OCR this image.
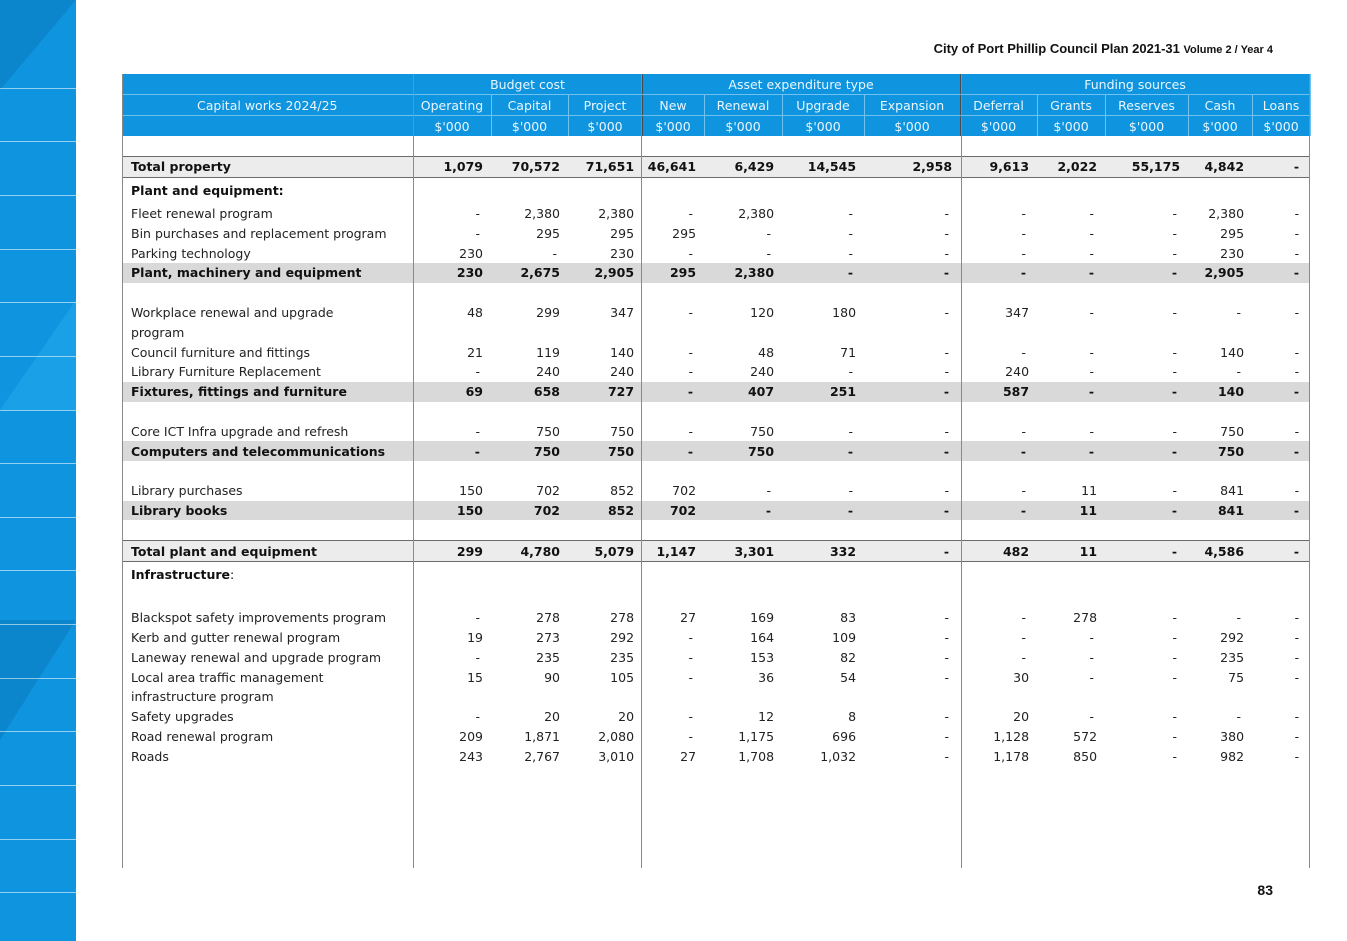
City of Port Phillip Council Plan 2021-31 Volume 2 / Year 4
	Budget cost			Asset expenditure type				Funding sources				
Capital works 2024/25	Operating	Capital	Project	New	Renewal	Upgrade	Expansion	Deferral	Grants	Reserves	Cash	Loans
	$'000	$'000	$'000	$'000	$'000	$'000	$'000	$'000	$'000	$'000	$'000	$'000

Total property	1,079	70,572	71,651	46,641	6,429	14,545	2,958	9,613	2,022	55,175	4,842	-
Plant and equipment:												
Fleet renewal program	-	2,380	2,380	-	2,380	-	-	-	-	-	2,380	-
Bin purchases and replacement program	-	295	295	295	-	-	-	-	-	-	295	-
Parking technology	230	-	230	-	-	-	-	-	-	-	230	-
Plant, machinery and equipment	230	2,675	2,905	295	2,380	-	-	-	-	-	2,905	-

Workplace renewal and upgrade	48	299	347	-	120	180	-	347	-	-	-	-
program												
Council furniture and fittings	21	119	140	-	48	71	-	-	-	-	140	-
Library Furniture Replacement	-	240	240	-	240	-	-	240	-	-	-	-
Fixtures, fittings and furniture	69	658	727	-	407	251	-	587	-	-	140	-

Core ICT Infra upgrade and refresh	-	750	750	-	750	-	-	-	-	-	750	-
Computers and telecommunications	-	750	750	-	750	-	-	-	-	-	750	-

Library purchases	150	702	852	702	-	-	-	-	11	-	841	-
Library books	150	702	852	702	-	-	-	-	11	-	841	-

Total plant and equipment	299	4,780	5,079	1,147	3,301	332	-	482	11	-	4,586	-
Infrastructure:												

Blackspot safety improvements program	-	278	278	27	169	83	-	-	278	-	-	-
Kerb and gutter renewal program	19	273	292	-	164	109	-	-	-	-	292	-
Laneway renewal and upgrade program	-	235	235	-	153	82	-	-	-	-	235	-
Local area traffic management	15	90	105	-	36	54	-	30	-	-	75	-
infrastructure program												
Safety upgrades	-	20	20	-	12	8	-	20	-	-	-	-
Road renewal program	209	1,871	2,080	-	1,175	696	-	1,128	572	-	380	-
Roads	243	2,767	3,010	27	1,708	1,032	-	1,178	850	-	982	-
83
